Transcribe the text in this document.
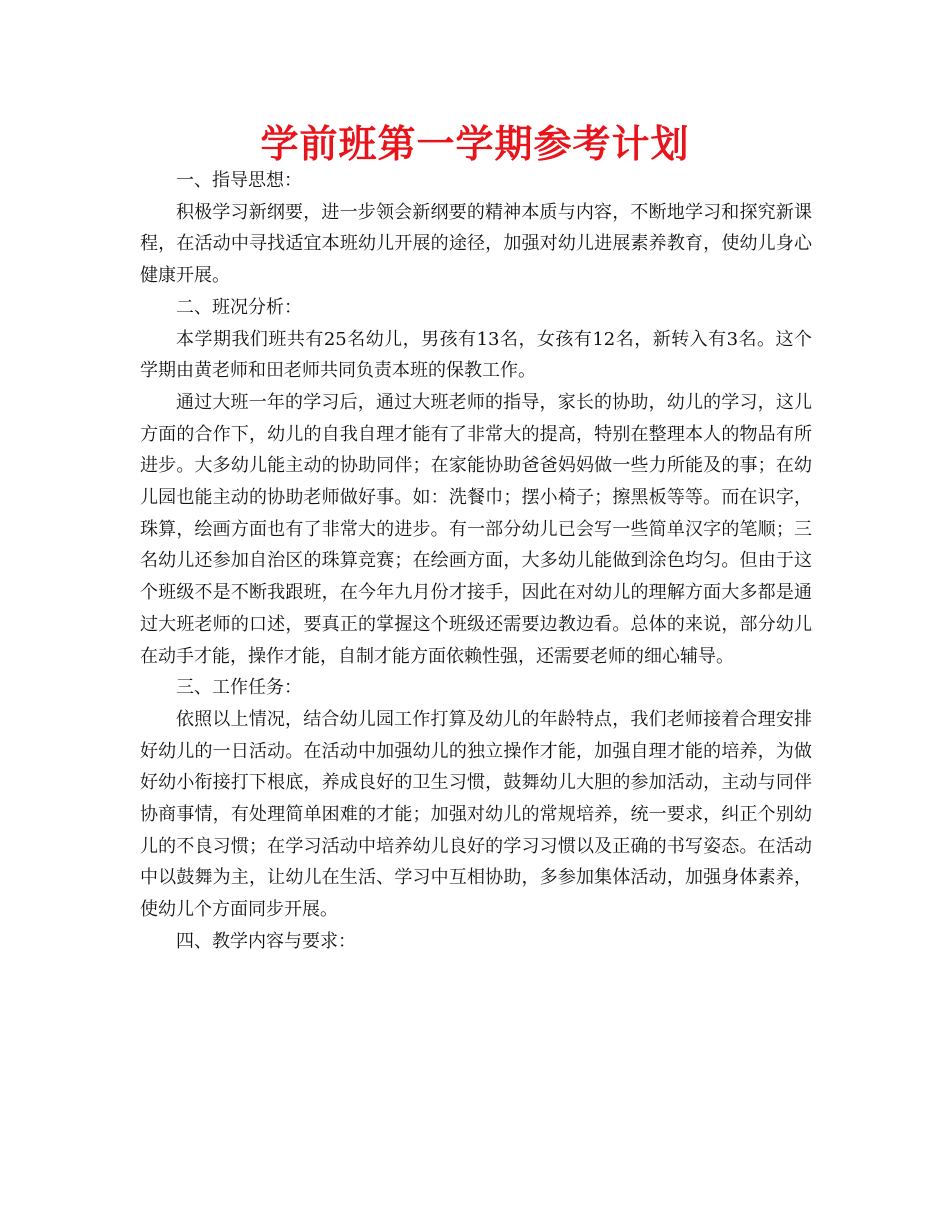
学前班第一学期参考计划

一、指导思想：

积极学习新纲要，进一步领会新纲要的精神本质与内容，不断地学习和探究新课程，在活动中寻找适宜本班幼儿开展的途径，加强对幼儿进展素养教育，使幼儿身心健康开展。

二、班况分析：

本学期我们班共有25名幼儿，男孩有13名，女孩有12名，新转入有3名。这个学期由黄老师和田老师共同负责本班的保教工作。

通过大班一年的学习后，通过大班老师的指导，家长的协助，幼儿的学习，这儿方面的合作下，幼儿的自我自理才能有了非常大的提高，特别在整理本人的物品有所进步。大多幼儿能主动的协助同伴；在家能协助爸爸妈妈做一些力所能及的事；在幼儿园也能主动的协助老师做好事。如：洗餐巾；摆小椅子；擦黑板等等。而在识字，珠算，绘画方面也有了非常大的进步。有一部分幼儿已会写一些简单汉字的笔顺；三名幼儿还参加自治区的珠算竞赛；在绘画方面，大多幼儿能做到涂色均匀。但由于这个班级不是不断我跟班，在今年九月份才接手，因此在对幼儿的理解方面大多都是通过大班老师的口述，要真正的掌握这个班级还需要边教边看。总体的来说，部分幼儿在动手才能，操作才能，自制才能方面依赖性强，还需要老师的细心辅导。

三、工作任务：

依照以上情况，结合幼儿园工作打算及幼儿的年龄特点，我们老师接着合理安排好幼儿的一日活动。在活动中加强幼儿的独立操作才能，加强自理才能的培养，为做好幼小衔接打下根底，养成良好的卫生习惯，鼓舞幼儿大胆的参加活动，主动与同伴协商事情，有处理简单困难的才能；加强对幼儿的常规培养，统一要求，纠正个别幼儿的不良习惯；在学习活动中培养幼儿良好的学习习惯以及正确的书写姿态。在活动中以鼓舞为主，让幼儿在生活、学习中互相协助，多参加集体活动，加强身体素养，使幼儿个方面同步开展。

四、教学内容与要求：
